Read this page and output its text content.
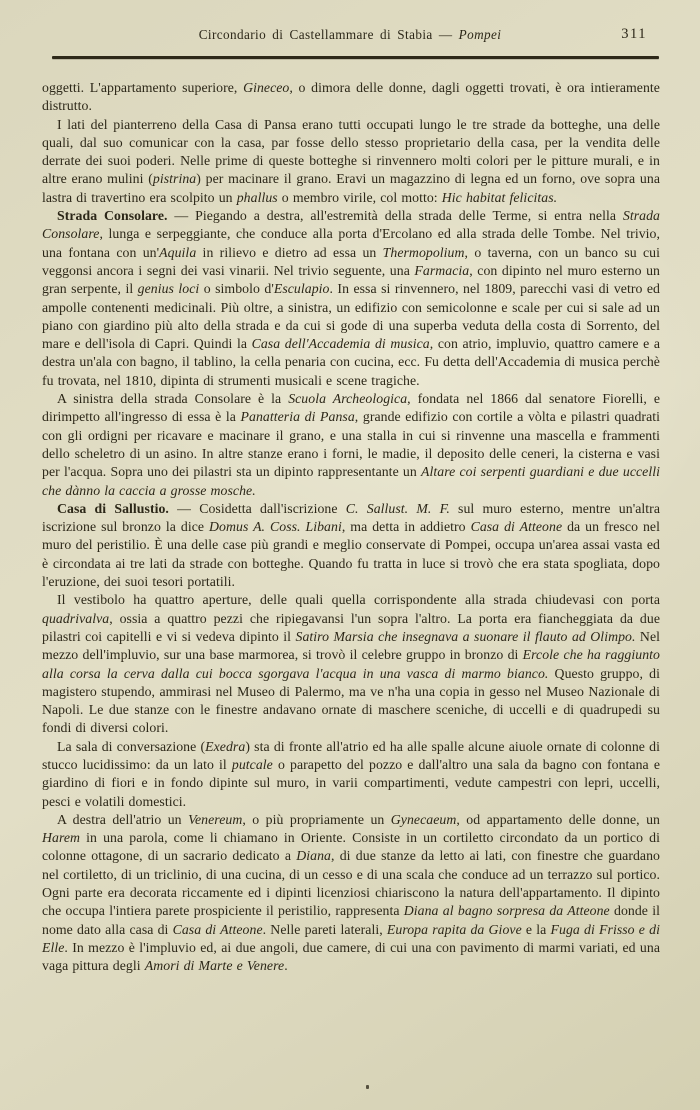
Circondario di Castellammare di Stabia — Pompei	311

oggetti. L'appartamento superiore, Gineceo, o dimora delle donne, dagli oggetti trovati, è ora intieramente distrutto.

I lati del pianterreno della Casa di Pansa erano tutti occupati lungo le tre strade da botteghe, una delle quali, dal suo comunicar con la casa, par fosse dello stesso proprietario della casa, per la vendita delle derrate dei suoi poderi. Nelle prime di queste botteghe si rinvennero molti colori per le pitture murali, e in altre erano mulini (pistrina) per macinare il grano. Eravi un magazzino di legna ed un forno, ove sopra una lastra di travertino era scolpito un phallus o membro virile, col motto: Hic habitat felicitas.

Strada Consolare. — Piegando a destra, all'estremità della strada delle Terme, si entra nella Strada Consolare, lunga e serpeggiante, che conduce alla porta d'Ercolano ed alla strada delle Tombe. Nel trivio, una fontana con un'Aquila in rilievo e dietro ad essa un Thermopolium, o taverna, con un banco su cui veggonsi ancora i segni dei vasi vinarii. Nel trivio seguente, una Farmacia, con dipinto nel muro esterno un gran serpente, il genius loci o simbolo d'Esculapio. In essa si rinvennero, nel 1809, parecchi vasi di vetro ed ampolle contenenti medicinali. Più oltre, a sinistra, un edifizio con semicolonne e scale per cui si sale ad un piano con giardino più alto della strada e da cui si gode di una superba veduta della costa di Sorrento, del mare e dell'isola di Capri. Quindi la Casa dell'Accademia di musica, con atrio, impluvio, quattro camere e a destra un'ala con bagno, il tablino, la cella penaria con cucina, ecc. Fu detta dell'Accademia di musica perchè fu trovata, nel 1810, dipinta di strumenti musicali e scene tragiche.

A sinistra della strada Consolare è la Scuola Archeologica, fondata nel 1866 dal senatore Fiorelli, e dirimpetto all'ingresso di essa è la Panatteria di Pansa, grande edifizio con cortile a vòlta e pilastri quadrati con gli ordigni per ricavare e macinare il grano, e una stalla in cui si rinvenne una mascella e frammenti dello scheletro di un asino. In altre stanze erano i forni, le madie, il deposito delle ceneri, la cisterna e vasi per l'acqua. Sopra uno dei pilastri sta un dipinto rappresentante un Altare coi serpenti guardiani e due uccelli che dànno la caccia a grosse mosche.

Casa di Sallustio. — Cosidetta dall'iscrizione C. Sallust. M. F. sul muro esterno, mentre un'altra iscrizione sul bronzo la dice Domus A. Coss. Libani, ma detta in addietro Casa di Atteone da un fresco nel muro del peristilio. È una delle case più grandi e meglio conservate di Pompei, occupa un'area assai vasta ed è circondata ai tre lati da strade con botteghe. Quando fu tratta in luce si trovò che era stata spogliata, dopo l'eruzione, dei suoi tesori portatili.

Il vestibolo ha quattro aperture, delle quali quella corrispondente alla strada chiudevasi con porta quadrivalva, ossia a quattro pezzi che ripiegavansi l'un sopra l'altro. La porta era fiancheggiata da due pilastri coi capitelli e vi si vedeva dipinto il Satiro Marsia che insegnava a suonare il flauto ad Olimpo. Nel mezzo dell'impluvio, sur una base marmorea, si trovò il celebre gruppo in bronzo di Ercole che ha raggiunto alla corsa la cerva dalla cui bocca sgorgava l'acqua in una vasca di marmo bianco. Questo gruppo, di magistero stupendo, ammirasi nel Museo di Palermo, ma ve n'ha una copia in gesso nel Museo Nazionale di Napoli. Le due stanze con le finestre andavano ornate di maschere sceniche, di uccelli e di quadrupedi su fondi di diversi colori.

La sala di conversazione (Exedra) sta di fronte all'atrio ed ha alle spalle alcune aiuole ornate di colonne di stucco lucidissimo: da un lato il putcale o parapetto del pozzo e dall'altro una sala da bagno con fontana e giardino di fiori e in fondo dipinte sul muro, in varii compartimenti, vedute campestri con lepri, uccelli, pesci e volatili domestici.

A destra dell'atrio un Venereum, o più propriamente un Gynecaeum, od appartamento delle donne, un Harem in una parola, come li chiamano in Oriente. Consiste in un cortiletto circondato da un portico di colonne ottagone, di un sacrario dedicato a Diana, di due stanze da letto ai lati, con finestre che guardano nel cortiletto, di un triclinio, di una cucina, di un cesso e di una scala che conduce ad un terrazzo sul portico. Ogni parte era decorata riccamente ed i dipinti licenziosi chiariscono la natura dell'appartamento. Il dipinto che occupa l'intiera parete prospiciente il peristilio, rappresenta Diana al bagno sorpresa da Atteone donde il nome dato alla casa di Casa di Atteone. Nelle pareti laterali, Europa rapita da Giove e la Fuga di Frisso e di Elle. In mezzo è l'impluvio ed, ai due angoli, due camere, di cui una con pavimento di marmi variati, ed una vaga pittura degli Amori di Marte e Venere.
